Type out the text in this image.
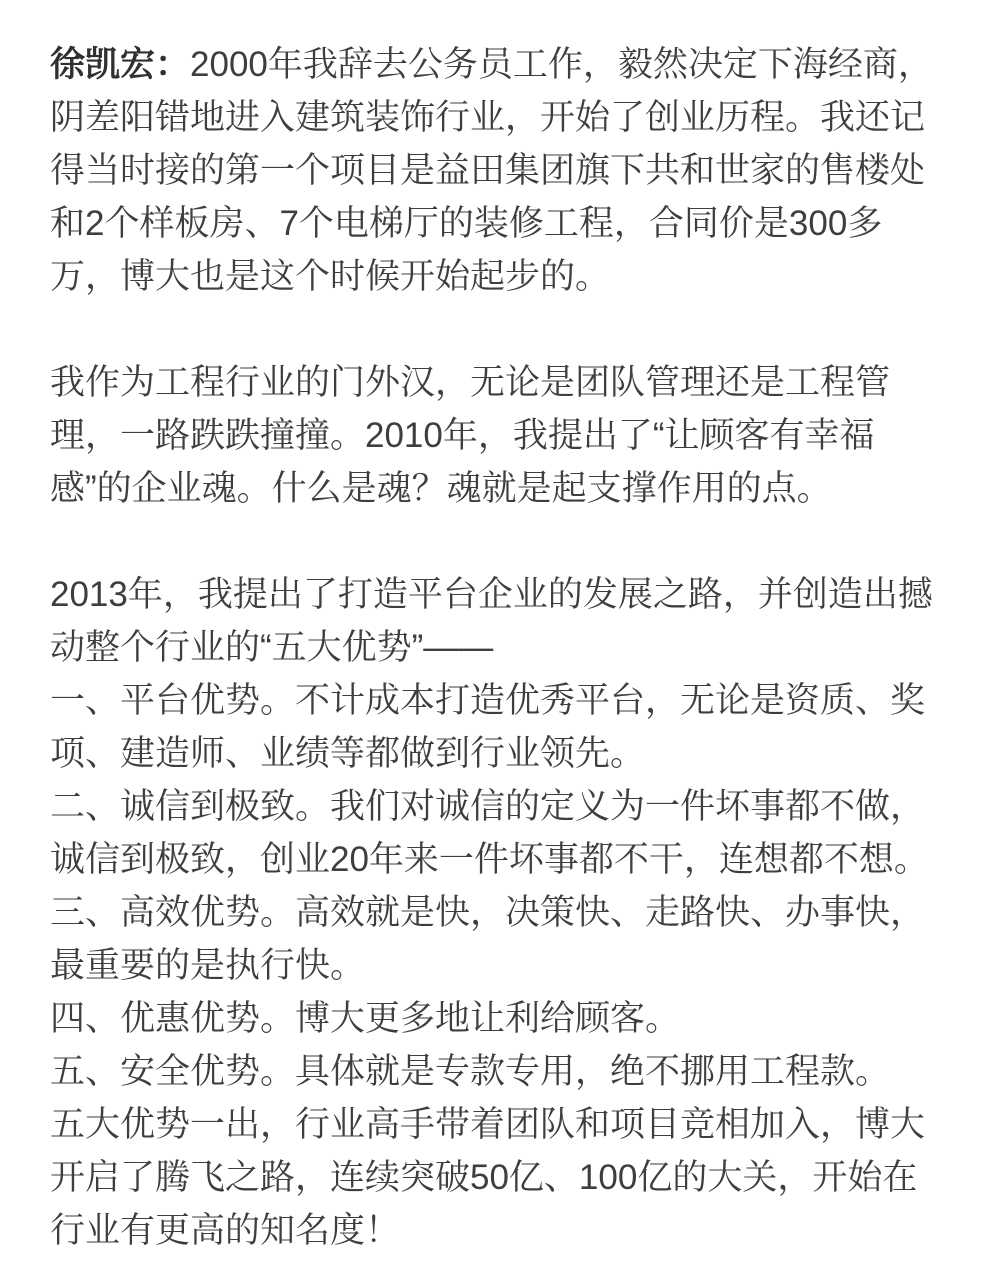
徐凯宏：2000年我辞去公务员工作，毅然决定下海经商，阴差阳错地进入建筑装饰行业，开始了创业历程。我还记得当时接的第一个项目是益田集团旗下共和世家的售楼处和2个样板房、7个电梯厅的装修工程，合同价是300多万，博大也是这个时候开始起步的。

我作为工程行业的门外汉，无论是团队管理还是工程管理，一路跌跌撞撞。2010年，我提出了“让顾客有幸福感”的企业魂。什么是魂？魂就是起支撑作用的点。

2013年，我提出了打造平台企业的发展之路，并创造出撼动整个行业的“五大优势”——
一、平台优势。不计成本打造优秀平台，无论是资质、奖项、建造师、业绩等都做到行业领先。
二、诚信到极致。我们对诚信的定义为一件坏事都不做，诚信到极致，创业20年来一件坏事都不干，连想都不想。
三、高效优势。高效就是快，决策快、走路快、办事快，最重要的是执行快。
四、优惠优势。博大更多地让利给顾客。
五、安全优势。具体就是专款专用，绝不挪用工程款。
五大优势一出，行业高手带着团队和项目竞相加入，博大开启了腾飞之路，连续突破50亿、100亿的大关，开始在行业有更高的知名度！
